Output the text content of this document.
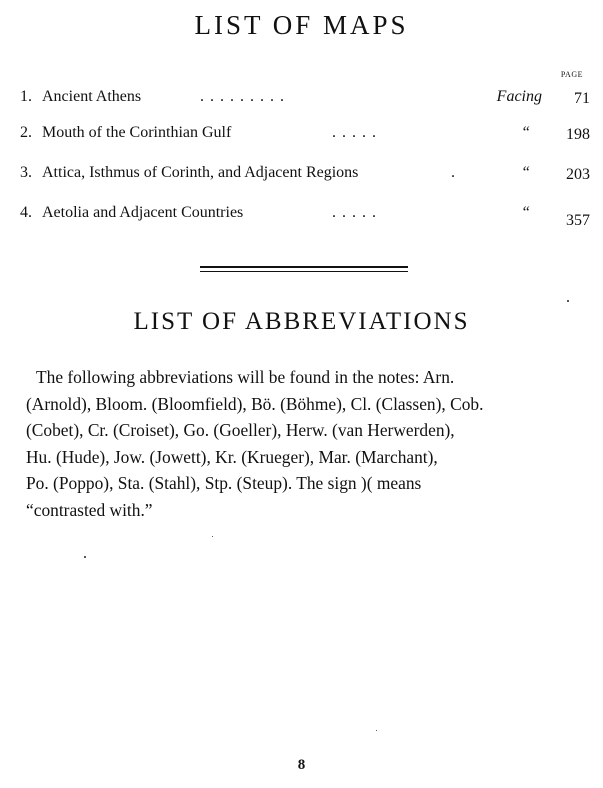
LIST OF MAPS
PAGE
1. Ancient Athens	. . . . . . . . .	Facing 71
2. Mouth of the Corinthian Gulf	. . . . .	“ 198
3. Attica, Isthmus of Corinth, and Adjacent Regions	.	“ 203
4. Aetolia and Adjacent Countries	. . . . .	“ 357
LIST OF ABBREVIATIONS
The following abbreviations will be found in the notes: Arn.
(Arnold), Bloom. (Bloomfield), Bö. (Böhme), Cl. (Classen), Cob.
(Cobet), Cr. (Croiset), Go. (Goeller), Herw. (van Herwerden),
Hu. (Hude), Jow. (Jowett), Kr. (Krueger), Mar. (Marchant),
Po. (Poppo), Sta. (Stahl), Stp. (Steup). The sign )( means
“contrasted with.”
8
